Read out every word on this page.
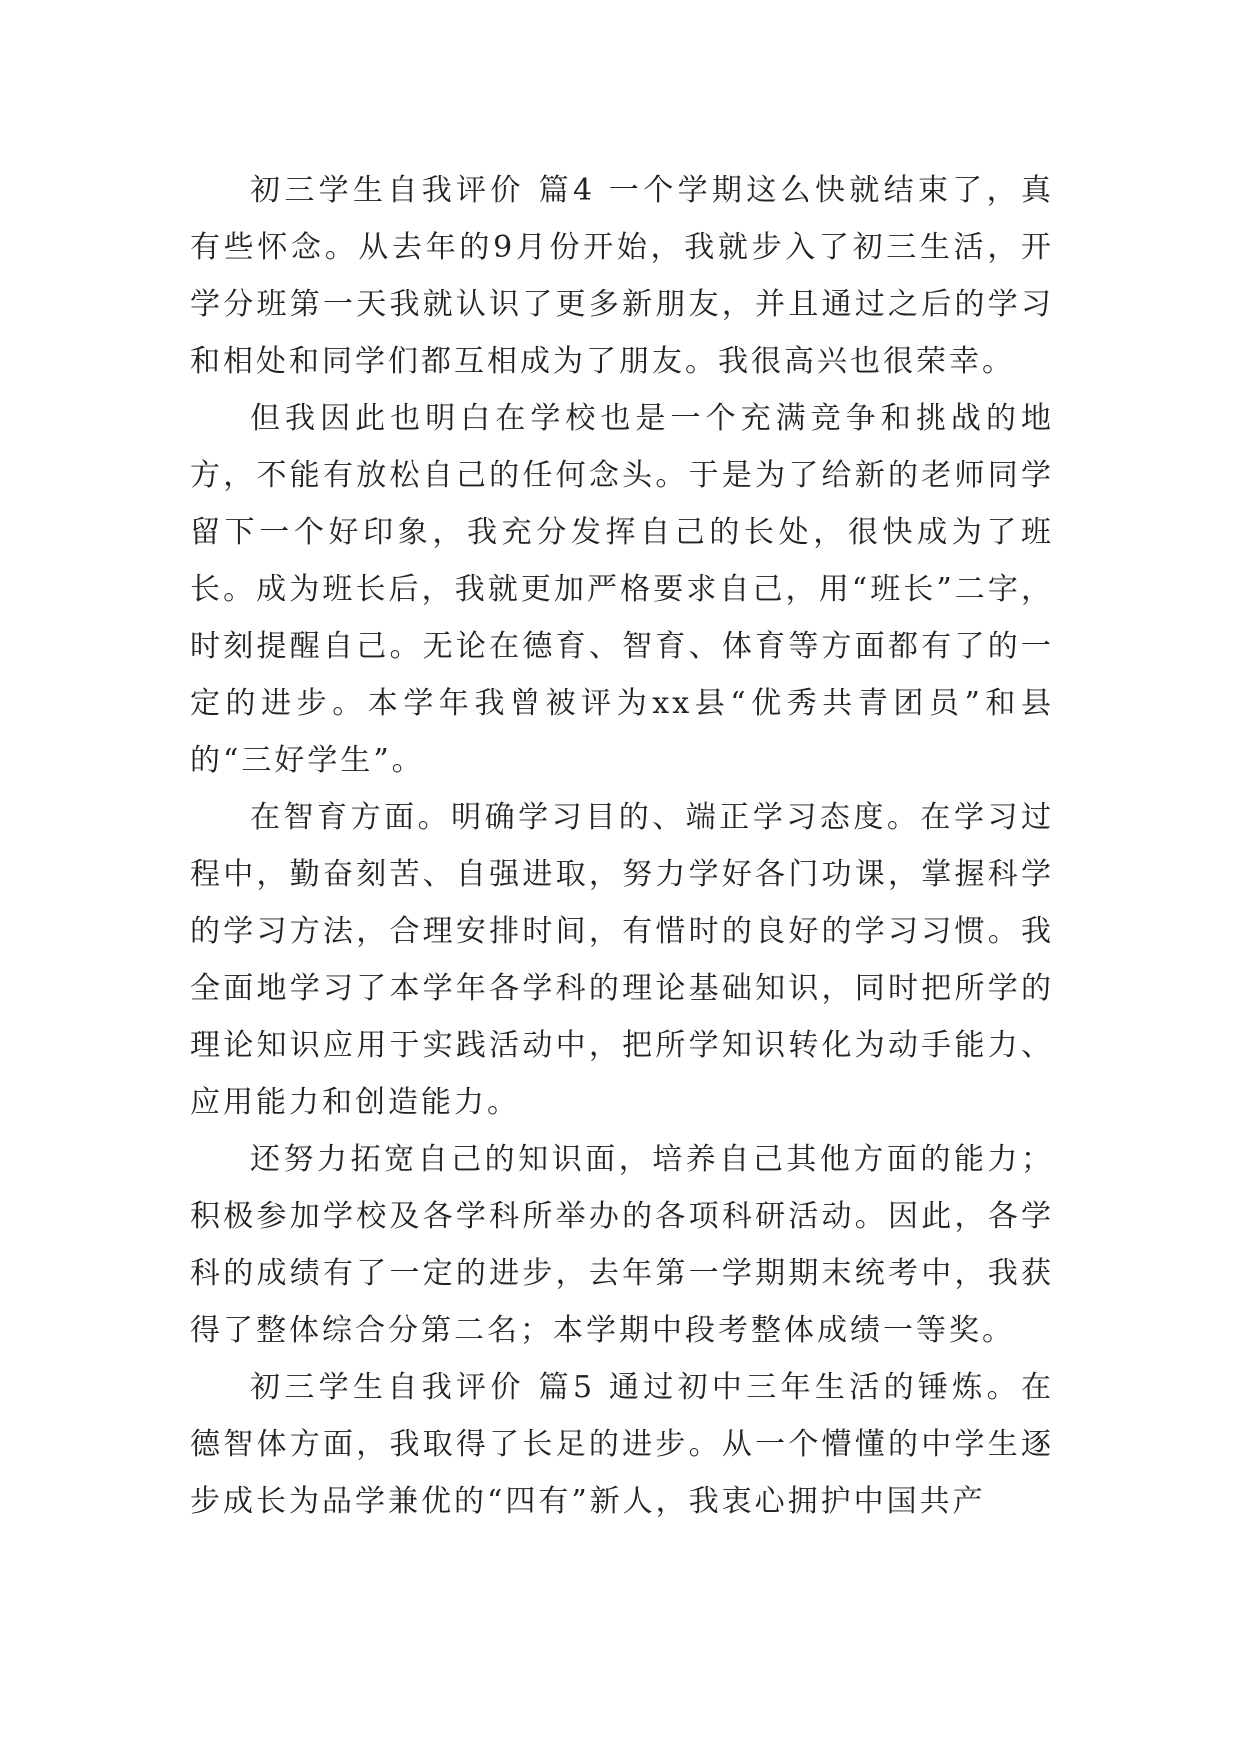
初三学生自我评价 篇4 一个学期这么快就结束了，真有些怀念。从去年的9月份开始，我就步入了初三生活，开学分班第一天我就认识了更多新朋友，并且通过之后的学习和相处和同学们都互相成为了朋友。我很高兴也很荣幸。

但我因此也明白在学校也是一个充满竞争和挑战的地方，不能有放松自己的任何念头。于是为了给新的老师同学留下一个好印象，我充分发挥自己的长处，很快成为了班长。成为班长后，我就更加严格要求自己，用“班长”二字，时刻提醒自己。无论在德育、智育、体育等方面都有了的一定的进步。本学年我曾被评为xx县“优秀共青团员”和县的“三好学生”。

在智育方面。明确学习目的、端正学习态度。在学习过程中，勤奋刻苦、自强进取，努力学好各门功课，掌握科学的学习方法，合理安排时间，有惜时的良好的学习习惯。我全面地学习了本学年各学科的理论基础知识，同时把所学的理论知识应用于实践活动中，把所学知识转化为动手能力、应用能力和创造能力。

还努力拓宽自己的知识面，培养自己其他方面的能力；积极参加学校及各学科所举办的各项科研活动。因此，各学科的成绩有了一定的进步，去年第一学期期末统考中，我获得了整体综合分第二名；本学期中段考整体成绩一等奖。

初三学生自我评价 篇5 通过初中三年生活的锤炼。在德智体方面，我取得了长足的进步。从一个懵懂的中学生逐步成长为品学兼优的“四有”新人，我衷心拥护中国共产
